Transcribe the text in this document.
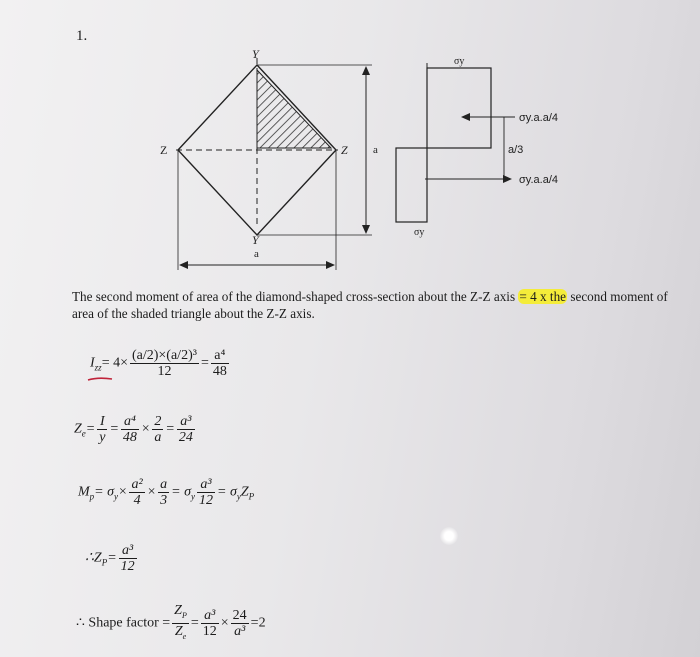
1.
Y
Y
Z	Z a
a
σy
σy
σy.a.a/4
a/3
σy.a.a/4
The second moment of area of the diamond-shaped cross-section about the Z-Z axis = 4 x the second moment of area of the shaded triangle about the Z-Z axis.
$I_{zz}= 4\times \frac{\text{(a/2)×(a/2)³}}{12} = \frac{\text{a⁴}}{48}$
$Z_e= \frac{I}{y} = \frac{\text{a⁴}}{48} \times \frac{2}{a} = \frac{\text{a³}}{24}$
$M_p= \sigma_y\times \frac{\text{a²}}{4} \times \frac{a}{3} = \sigma_y \frac{\text{a³}}{12} = \sigma_yZ_P$
$\therefore Z_P= \frac{\text{a³}}{12}$
∴ Shape factor = $\frac{Z_P}{Z_e} = \frac{\text{a³}}{12} \times \frac{24}{\text{a³}} =2$
